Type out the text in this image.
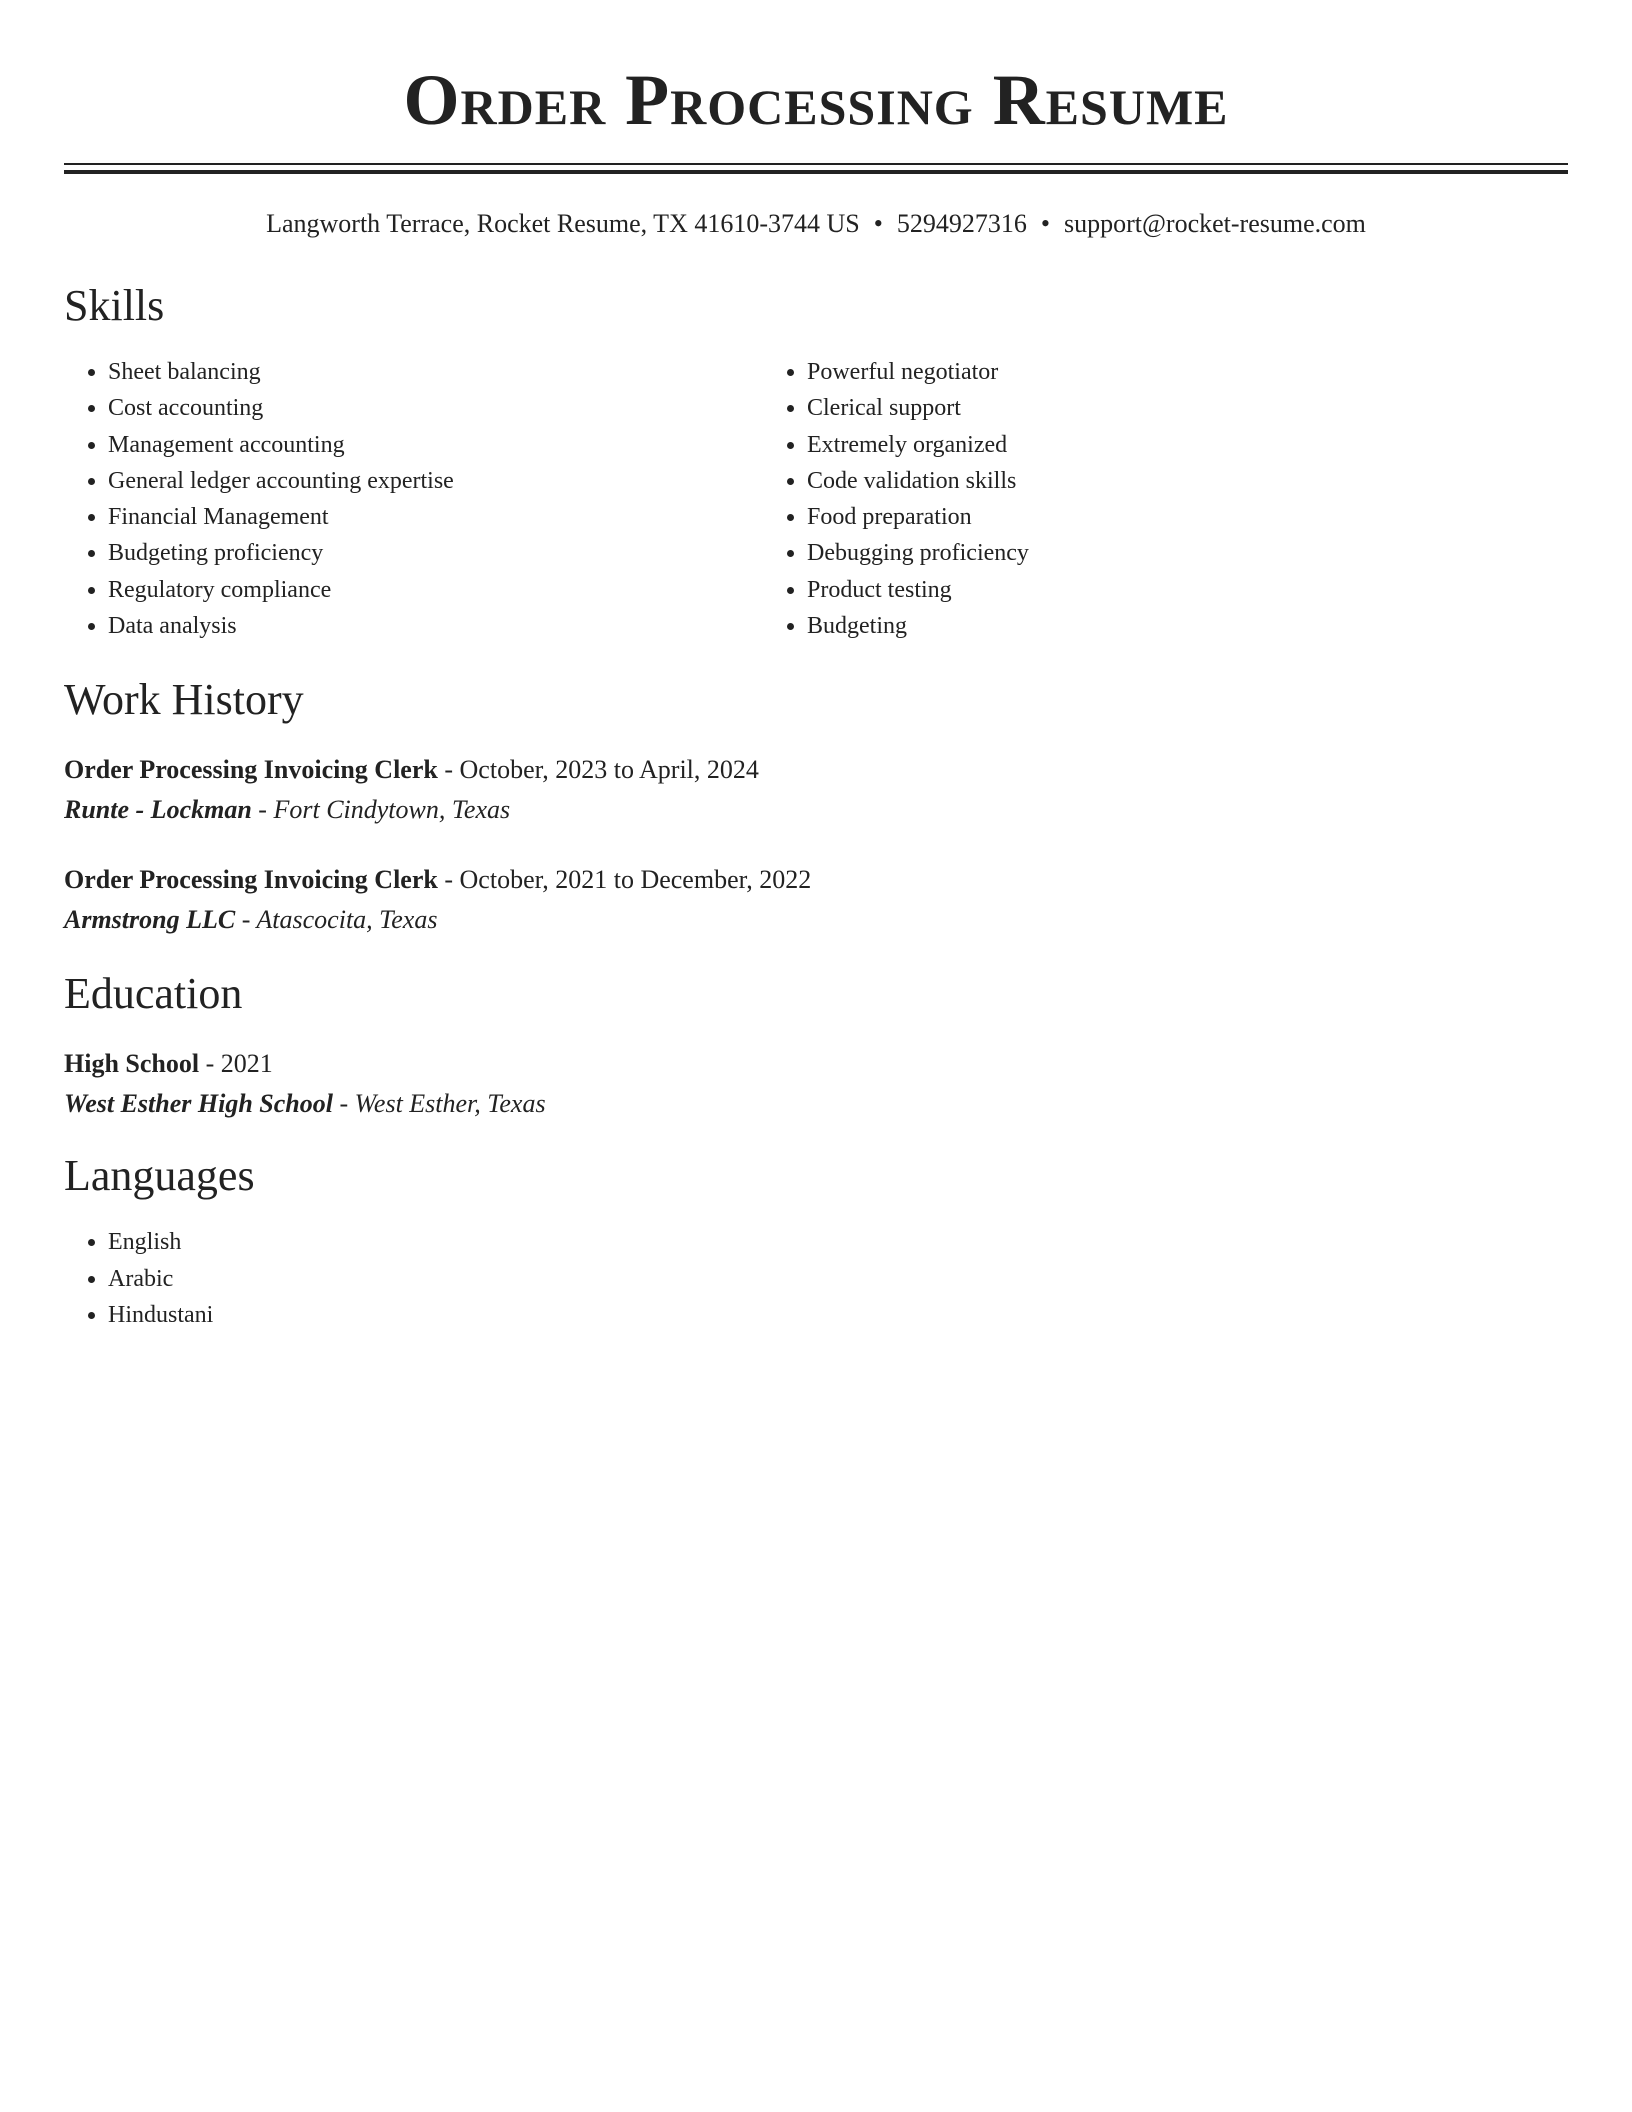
Order Processing Resume
Langworth Terrace, Rocket Resume, TX 41610-3744 US • 5294927316 • support@rocket-resume.com
Skills
• Sheet balancing
• Cost accounting
• Management accounting
• General ledger accounting expertise
• Financial Management
• Budgeting proficiency
• Regulatory compliance
• Data analysis
• Powerful negotiator
• Clerical support
• Extremely organized
• Code validation skills
• Food preparation
• Debugging proficiency
• Product testing
• Budgeting
Work History
Order Processing Invoicing Clerk - October, 2023 to April, 2024
Runte - Lockman - Fort Cindytown, Texas
Order Processing Invoicing Clerk - October, 2021 to December, 2022
Armstrong LLC - Atascocita, Texas
Education
High School - 2021
West Esther High School - West Esther, Texas
Languages
• English
• Arabic
• Hindustani
